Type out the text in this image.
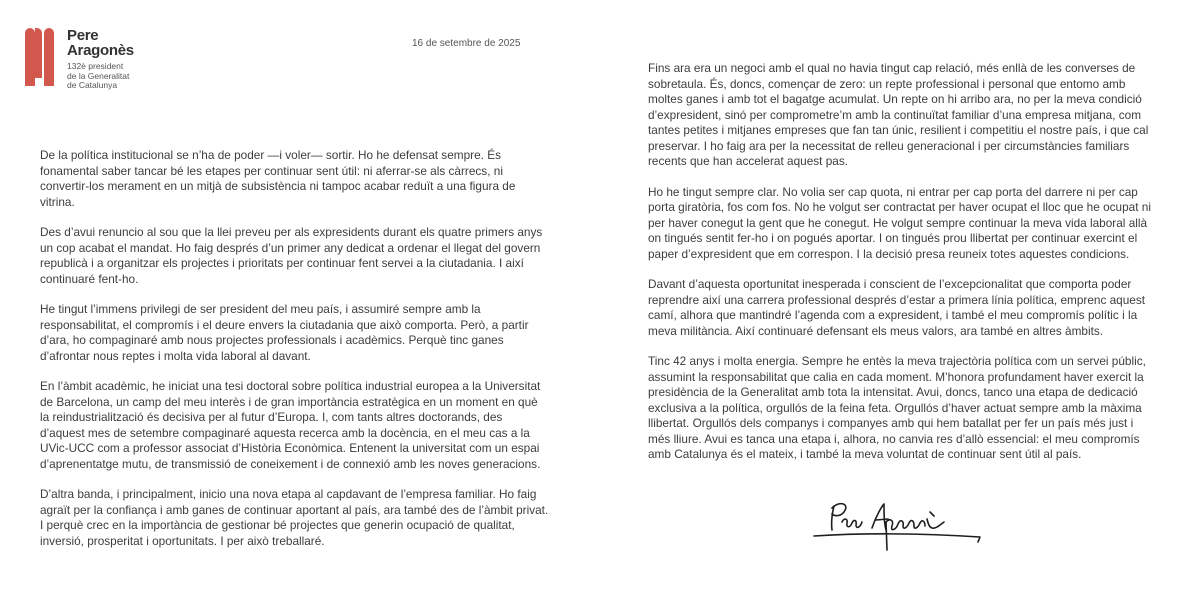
Pere
Aragonès
132è president
de la Generalitat
de Catalunya
16 de setembre de 2025

De la política institucional se n’ha de poder —i voler— sortir. Ho he defensat sempre. És fonamental saber tancar bé les etapes per continuar sent útil: ni aferrar-se als càrrecs, ni convertir-los merament en un mitjà de subsistència ni tampoc acabar reduït a una figura de vitrina.

Des d’avui renuncio al sou que la llei preveu per als expresidents durant els quatre primers anys un cop acabat el mandat. Ho faig després d’un primer any dedicat a ordenar el llegat del govern republicà i a organitzar els projectes i prioritats per continuar fent servei a la ciutadania. I així continuaré fent-ho.

He tingut l’immens privilegi de ser president del meu país, i assumiré sempre amb la responsabilitat, el compromís i el deure envers la ciutadania que això comporta. Però, a partir d’ara, ho compaginaré amb nous projectes professionals i acadèmics. Perquè tinc ganes d’afrontar nous reptes i molta vida laboral al davant.

En l’àmbit acadèmic, he iniciat una tesi doctoral sobre política industrial europea a la Universitat de Barcelona, un camp del meu interès i de gran importància estratègica en un moment en què la reindustrialització és decisiva per al futur d’Europa. I, com tants altres doctorands, des d’aquest mes de setembre compaginaré aquesta recerca amb la docència, en el meu cas a la UVic-UCC com a professor associat d’Història Econòmica. Entenent la universitat com un espai d’aprenentatge mutu, de transmissió de coneixement i de connexió amb les noves generacions.

D’altra banda, i principalment, inicio una nova etapa al capdavant de l’empresa familiar. Ho faig agraït per la confiança i amb ganes de continuar aportant al país, ara també des de l’àmbit privat. I perquè crec en la importància de gestionar bé projectes que generin ocupació de qualitat, inversió, prosperitat i oportunitats. I per això treballaré.

Fins ara era un negoci amb el qual no havia tingut cap relació, més enllà de les converses de sobretaula. És, doncs, començar de zero: un repte professional i personal que entomo amb moltes ganes i amb tot el bagatge acumulat. Un repte on hi arribo ara, no per la meva condició d’expresident, sinó per comprometre’m amb la continuïtat familiar d’una empresa mitjana, com tantes petites i mitjanes empreses que fan tan únic, resilient i competitiu el nostre país, i que cal preservar. I ho faig ara per la necessitat de relleu generacional i per circumstàncies familiars recents que han accelerat aquest pas.

Ho he tingut sempre clar. No volia ser cap quota, ni entrar per cap porta del darrere ni per cap porta giratòria, fos com fos. No he volgut ser contractat per haver ocupat el lloc que he ocupat ni per haver conegut la gent que he conegut. He volgut sempre continuar la meva vida laboral allà on tingués sentit fer-ho i on pogués aportar. I on tingués prou llibertat per continuar exercint el paper d’expresident que em correspon. I la decisió presa reuneix totes aquestes condicions.

Davant d’aquesta oportunitat inesperada i conscient de l’excepcionalitat que comporta poder reprendre així una carrera professional després d’estar a primera línia política, emprenc aquest camí, alhora que mantindré l’agenda com a expresident, i també el meu compromís polític i la meva militància. Així continuaré defensant els meus valors, ara també en altres àmbits.

Tinc 42 anys i molta energia. Sempre he entès la meva trajectòria política com un servei públic, assumint la responsabilitat que calia en cada moment. M’honora profundament haver exercit la presidència de la Generalitat amb tota la intensitat. Avui, doncs, tanco una etapa de dedicació exclusiva a la política, orgullós de la feina feta. Orgullós d’haver actuat sempre amb la màxima llibertat. Orgullós dels companys i companyes amb qui hem batallat per fer un país més just i més lliure. Avui es tanca una etapa i, alhora, no canvia res d’allò essencial: el meu compromís amb Catalunya és el mateix, i també la meva voluntat de continuar sent útil al país.
